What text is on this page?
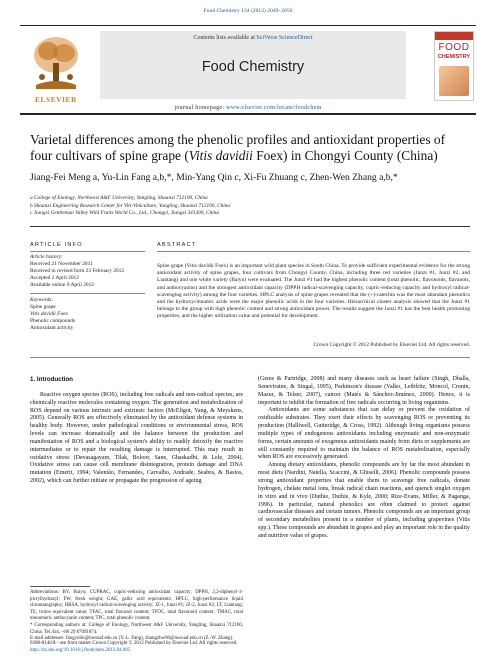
Food Chemistry 134 (2012) 2049–2056
ELSEVIER
Contents lists available at SciVerse ScienceDirect
Food Chemistry
FOOD
CHEMISTRY
journal homepage: www.elsevier.com/locate/foodchem
Varietal differences among the phenolic profiles and antioxidant properties of four cultivars of spine grape (Vitis davidii Foex) in Chongyi County (China)
Jiang-Fei Meng a, Yu-Lin Fang a,b,*, Min-Yang Qin c, Xi-Fu Zhuang c, Zhen-Wen Zhang a,b,*
a College of Enology, Northwest A&F University, Yangling, Shaanxi 712100, China
b Shaanxi Engineering Research Center for Viti-Viniculture, Yangling, Shaanxi 712100, China
c Jiangxi Gentleman Valley Wild Fruits World Co., Ltd., Chongyi, Jiangxi 341300, China
ARTICLE INFO	ABSTRACT
Article history:
Received 21 November 2011
Received in revised form 23 February 2012
Accepted 2 April 2012
Available online 9 April 2012
Keywords:
Spine grape
Vitis davidii Foex
Phenolic compounds
Antioxidant activity
Spine grape (Vitis davidii Foex) is an important wild plant species in South China. To provide sufficient experimental evidence for the strong antioxidant activity of spine grapes, four cultivars from Chongyi County, China, including three red varieties (Junzi #1, Junzi #2, and Liantang) and one white variety (Baiyu) were evaluated. The Junzi #1 had the highest phenolic content (total phenolic, flavonoids, flavanols, and anthocyanins) and the strongest antioxidant capacity (DPPH radical-scavenging capacity, cupric-reducing capacity and hydroxyl radical-scavenging activity) among the four varieties. HPLC analysis of spine grapes revealed that the (+)-catechin was the most abundant phenolics and the hydroxycinnamic acids were the major phenolic acids in the four varieties. Hierarchical cluster analysis showed that the Junzi #1 belongs to the group with high phenolic content and strong antioxidant power. The results suggest the Junzi #1 has the best health promoting properties, and the higher utilization value and potential for development.
Crown Copyright © 2012 Published by Elsevier Ltd. All rights reserved.
1. Introduction

Reactive oxygen species (ROS), including free radicals and non-radical species, are chemically reactive molecules containing oxygen. The generation and metabolization of ROS depend on various intrinsic and extrinsic factors (McEligot, Yang, & Meyskens, 2005). Generally ROS are effectively eliminated by the antioxidant defense systems in healthy body. However, under pathological conditions or environmental stress, ROS levels can increase dramatically and the balance between the production and manifestation of ROS and a biological system's ability to readily detoxify the reactive intermediates or to repair the resulting damage is interrupted. This may result in oxidative stress (Devasagayam, Tilak, Boloor, Sane, Ghaskadbi, & Lele, 2004). Oxidative stress can cause cell membrane disintegration, protein damage and DNA mutation (Emerit, 1994; Valentão, Fernandes, Carvalho, Andrade, Seabra, & Bastos, 2002), which can further initiate or propagate the progression of ageing

(Gems & Partridge, 2008) and many diseases such as heart failure (Singh, Dhalla, Seneviratne, & Singal, 1995), Parkinson's disease (Valko, Leibfritz, Moncol, Cronin, Mazur, & Telser, 2007), cancer (Matés & Sánchez-Jiménez, 2000). Hence, it is important to inhibit the formation of free radicals occurring in living organisms.

Antioxidants are some substances that can delay or prevent the oxidation of oxidizable substrates. They exert their effects by scavenging ROS or preventing its production (Halliwell, Gutteridge, & Cross, 1992). Although living organisms possess multiple types of endogenous antioxidants including enzymatic and non-enzymatic forms, certain amounts of exogenous antioxidants mainly from diets or supplements are still constantly required to maintain the balance of ROS metabolization, especially when ROS are excessively generated.

Among dietary antioxidants, phenolic compounds are by far the most abundant in most diets (Nardini, Natella, Scaccini, & Ghiselli, 2006). Phenolic compounds possess strong antioxidant properties that enable them to scavenge free radicals, donate hydrogen, chelate metal ions, break radical chain reactions, and quench singlet oxygen in vitro and in vivo (Duthie, Duthie, & Kyle, 2000; Rice-Evans, Miller, & Paganga, 1996). In particular, natural phenolics are often claimed to protect against cardiovascular diseases and certain tumors. Phenolic compounds are an important group of secondary metabolites present in a number of plants, including grapevines (Vitis spp.). These compounds are abundant in grapes and play an important role in the quality and nutritive value of grapes.

Abbreviations: BY, Baiyu; CUPRAC, cupric-reducing antioxidant capacity; DPPH, 2,2-diphenyl-1-picrylhydrazyl; FW, fresh weight; GAE, gallic acid equivalents; HPLC, high-performance liquid chromatography; HRSA, hydroxyl radical-scavenging activity; JZ-1, Junzi #1; JZ-2, Junzi #2; LT, Liantang; TE, trolox equivalent value; TFAC, total flavanol content; TFOC, total flavonoid content; TMAC, total monomeric anthocyanin content; TPC, total phenolic content.
* Corresponding authors at: College of Enology, Northwest A&F University, Yangling, Shaanxi 712100, China. Tel./fax: +86 29 87091874.
E-mail addresses: fangyulin@nwsuaf.edu.cn (Y.-L. Fang), zhangzhw60@nwsuaf.edu.cn (Z.-W. Zhang).
0308-8146/$ - see front matter Crown Copyright © 2012 Published by Elsevier Ltd. All rights reserved.
http://dx.doi.org/10.1016/j.foodchem.2012.04.005
